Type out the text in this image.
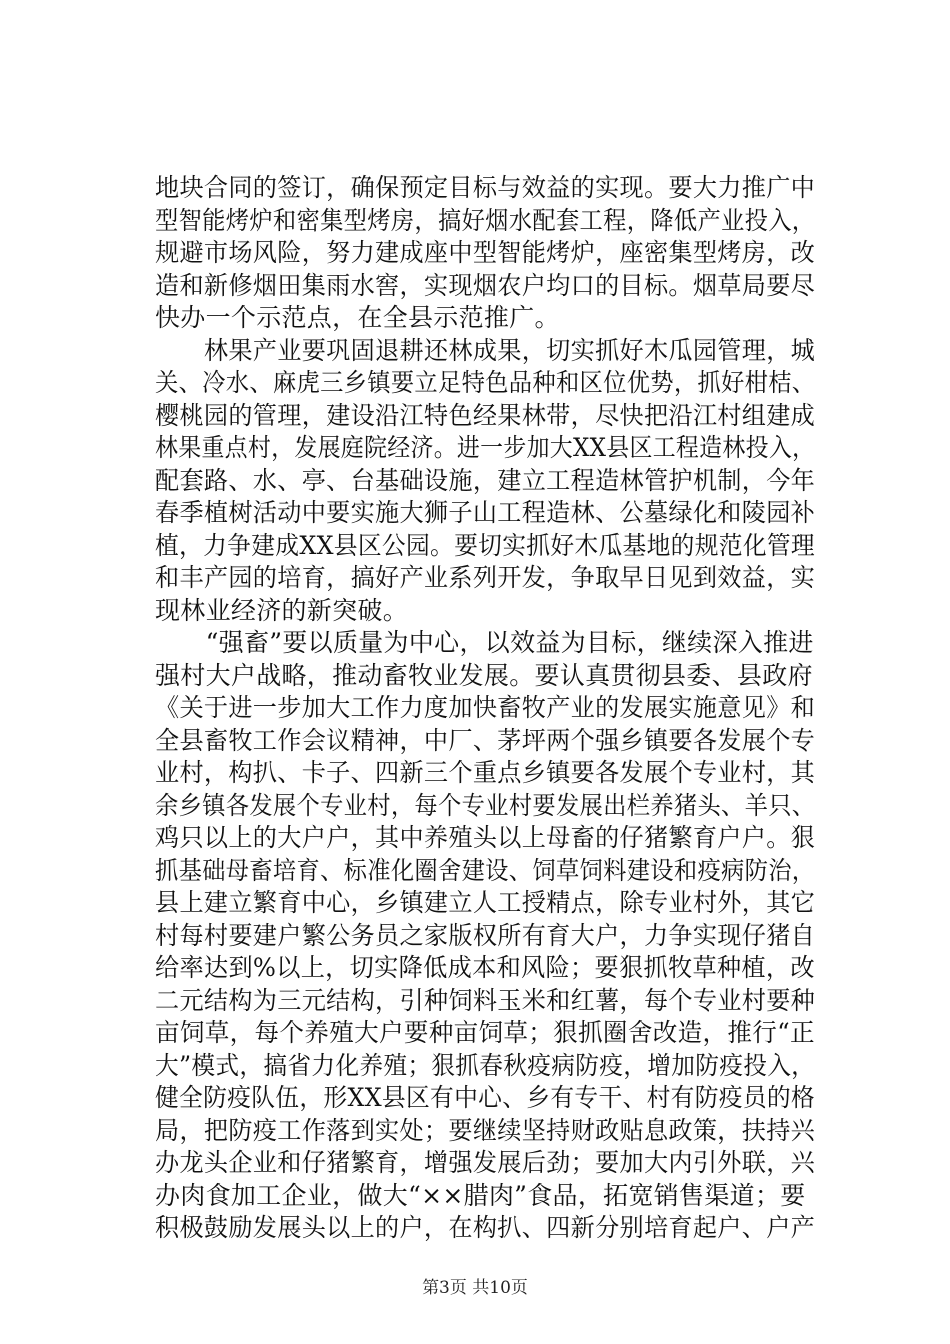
地块合同的签订，确保预定目标与效益的实现。要大力推广中
型智能烤炉和密集型烤房，搞好烟水配套工程，降低产业投入，
规避市场风险，努力建成座中型智能烤炉，座密集型烤房，改
造和新修烟田集雨水窖，实现烟农户均口的目标。烟草局要尽
快办一个示范点，在全县示范推广。
　　林果产业要巩固退耕还林成果，切实抓好木瓜园管理，城
关、冷水、麻虎三乡镇要立足特色品种和区位优势，抓好柑桔、
樱桃园的管理，建设沿江特色经果林带，尽快把沿江村组建成
林果重点村，发展庭院经济。进一步加大XX县区工程造林投入，
配套路、水、亭、台基础设施，建立工程造林管护机制，今年
春季植树活动中要实施大狮子山工程造林、公墓绿化和陵园补
植，力争建成XX县区公园。要切实抓好木瓜基地的规范化管理
和丰产园的培育，搞好产业系列开发，争取早日见到效益，实
现林业经济的新突破。
　　“强畜”要以质量为中心，以效益为目标，继续深入推进
强村大户战略，推动畜牧业发展。要认真贯彻县委、县政府
《关于进一步加大工作力度加快畜牧产业的发展实施意见》和
全县畜牧工作会议精神，中厂、茅坪两个强乡镇要各发展个专
业村，构扒、卡子、四新三个重点乡镇要各发展个专业村，其
余乡镇各发展个专业村，每个专业村要发展出栏养猪头、羊只、
鸡只以上的大户户，其中养殖头以上母畜的仔猪繁育户户。狠
抓基础母畜培育、标准化圈舍建设、饲草饲料建设和疫病防治，
县上建立繁育中心，乡镇建立人工授精点，除专业村外，其它
村每村要建户繁公务员之家版权所有育大户，力争实现仔猪自
给率达到%以上，切实降低成本和风险；要狠抓牧草种植，改
二元结构为三元结构，引种饲料玉米和红薯，每个专业村要种
亩饲草，每个养殖大户要种亩饲草；狠抓圈舍改造，推行“正
大”模式，搞省力化养殖；狠抓春秋疫病防疫，增加防疫投入，
健全防疫队伍，形XX县区有中心、乡有专干、村有防疫员的格
局，把防疫工作落到实处；要继续坚持财政贴息政策，扶持兴
办龙头企业和仔猪繁育，增强发展后劲；要加大内引外联，兴
办肉食加工企业，做大“××腊肉”食品，拓宽销售渠道；要
积极鼓励发展头以上的户，在构扒、四新分别培育起户、户产
第3页 共10页
